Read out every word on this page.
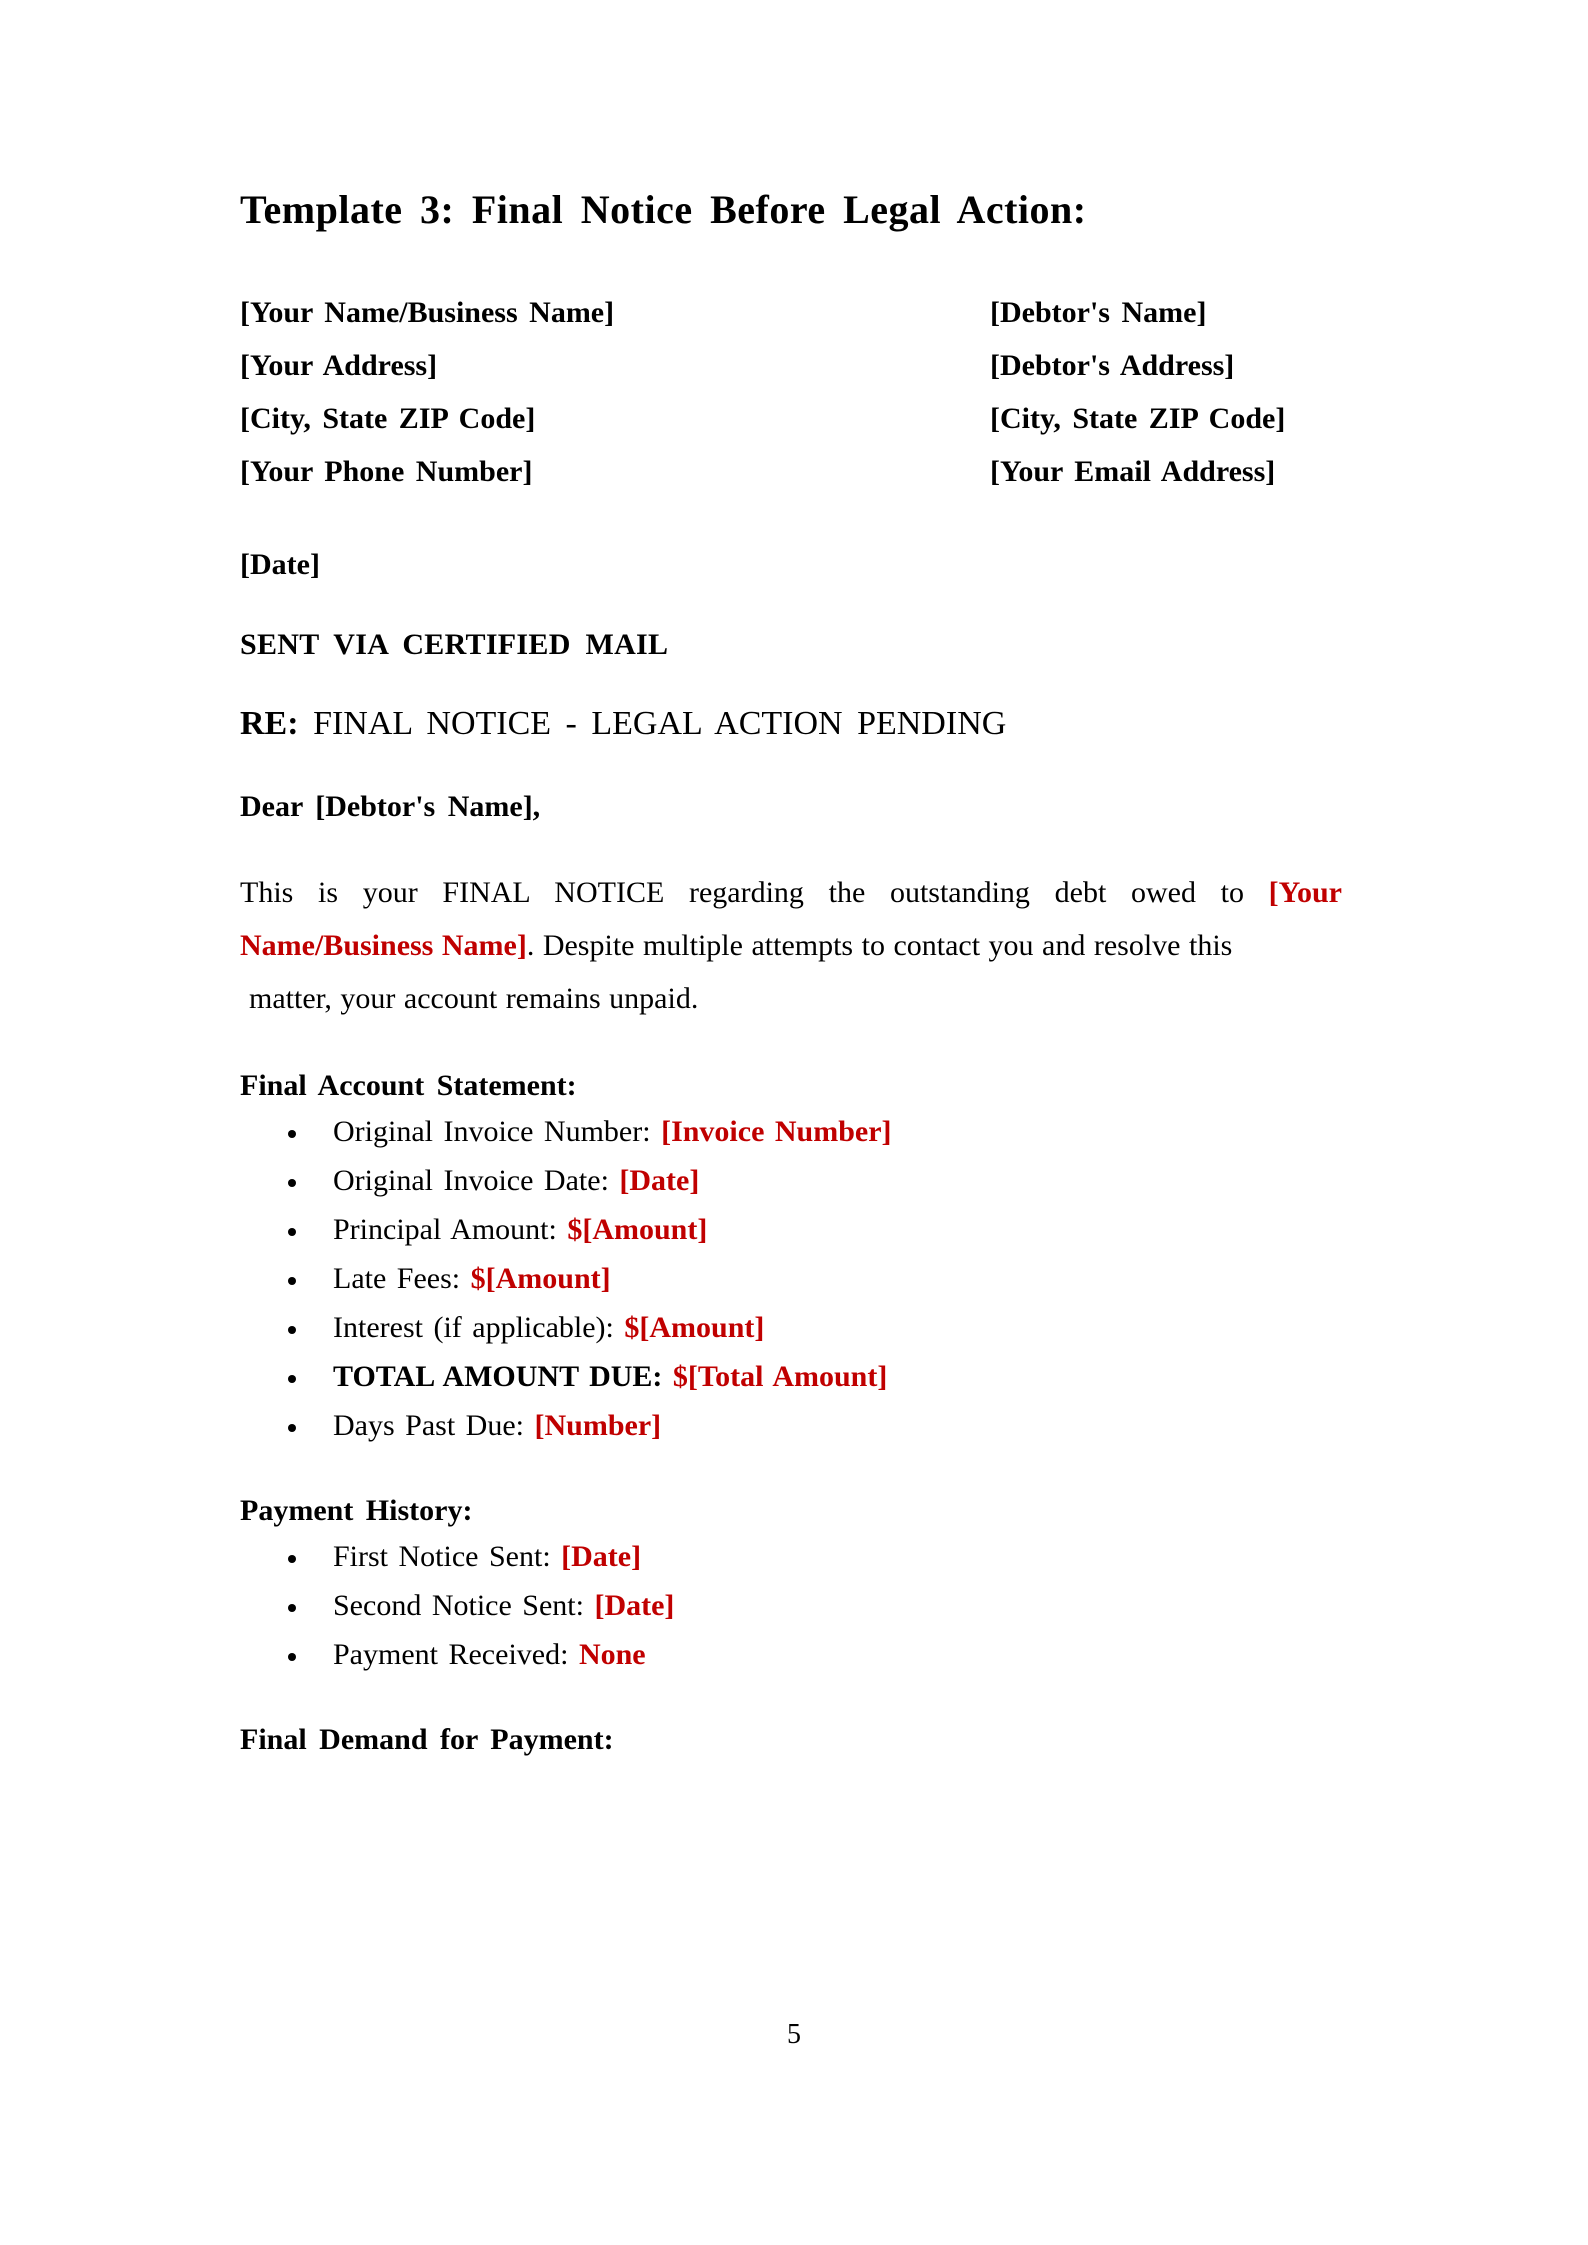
Template 3: Final Notice Before Legal Action:
[Your Name/Business Name]
[Your Address]
[City, State ZIP Code]
[Your Phone Number]
[Debtor's Name]
[Debtor's Address]
[City, State ZIP Code]
[Your Email Address]
[Date]
SENT VIA CERTIFIED MAIL
RE: FINAL NOTICE - LEGAL ACTION PENDING
Dear [Debtor's Name],

This is your FINAL NOTICE regarding the outstanding debt owed to [Your Name/Business Name]. Despite multiple attempts to contact you and resolve this
matter, your account remains unpaid.

Final Account Statement:
Original Invoice Number: [Invoice Number]
Original Invoice Date: [Date]
Principal Amount: $[Amount]
Late Fees: $[Amount]
Interest (if applicable): $[Amount]
TOTAL AMOUNT DUE: $[Total Amount]
Days Past Due: [Number]
Payment History:
First Notice Sent: [Date]
Second Notice Sent: [Date]
Payment Received: None
Final Demand for Payment:
5
